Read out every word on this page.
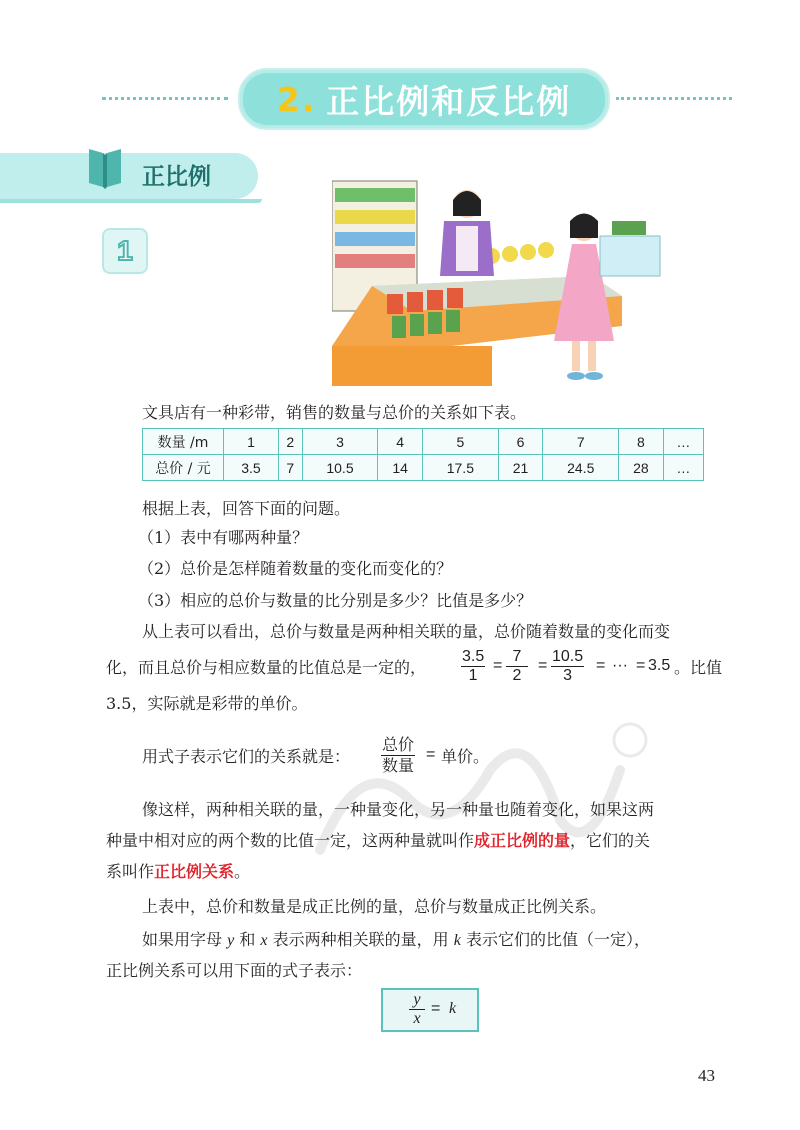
2. 正比例和反比例
正比例
1
文具店有一种彩带，销售的数量与总价的关系如下表。
数量 /m	1	2	3	4	5	6	7	8	…
总价 / 元	3.5	7	10.5	14	17.5	21	24.5	28	…
根据上表，回答下面的问题。
（1）表中有哪两种量？
（2）总价是怎样随着数量的变化而变化的？
（3）相应的总价与数量的比分别是多少？比值是多少？
从上表可以看出，总价与数量是两种相关联的量，总价随着数量的变化而变
化，而且总价与相应数量的比值总是一定的，
3.5
1
=
7
2
=
10.5
3
= ··· = 3.5 。比值
3.5，实际就是彩带的单价。
用式子表示它们的关系就是：
总价
数量
= 单价。
像这样，两种相关联的量，一种量变化，另一种量也随着变化，如果这两
种量中相对应的两个数的比值一定，这两种量就叫作成正比例的量，它们的关
系叫作正比例关系。
上表中，总价和数量是成正比例的量，总价与数量成正比例关系。
如果用字母 y 和 x 表示两种相关联的量，用 k 表示它们的比值（一定），
正比例关系可以用下面的式子表示：
y
x
= k
43
